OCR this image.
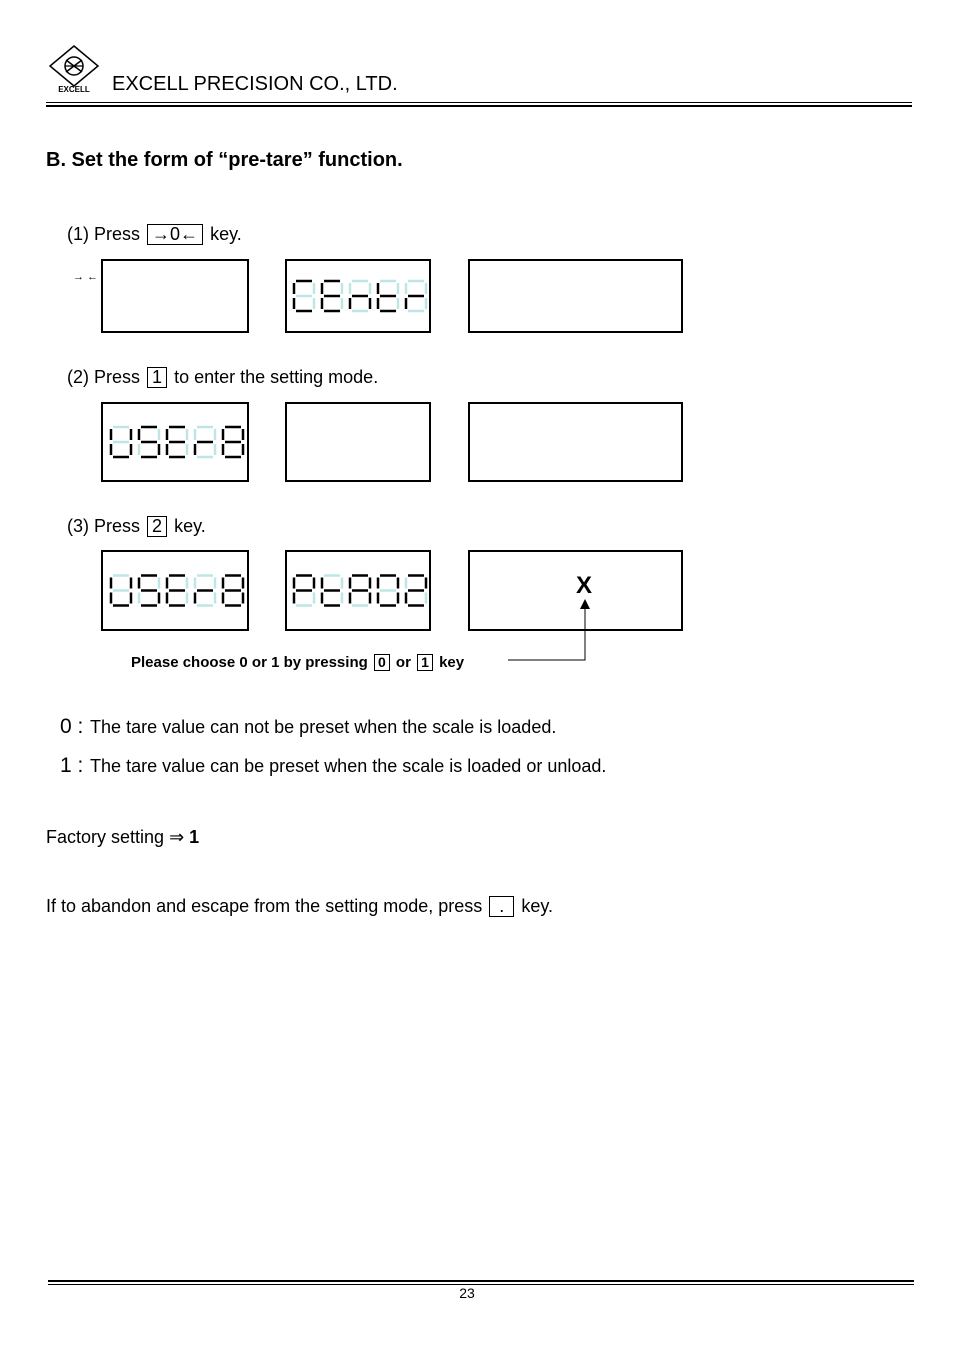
EXCELL EXCELL PRECISION CO., LTD.
B. Set the form of “pre-tare” function.
(1) Press →0← key.
→ ←
(2) Press 1 to enter the setting mode.
(3) Press 2 key.
X
Please choose 0 or 1 by pressing 0 or 1 key
0 : The tare value can not be preset when the scale is loaded.
1 : The tare value can be preset when the scale is loaded or unload.
Factory setting ⇒ 1
If to abandon and escape from the setting mode, press . key.
23
